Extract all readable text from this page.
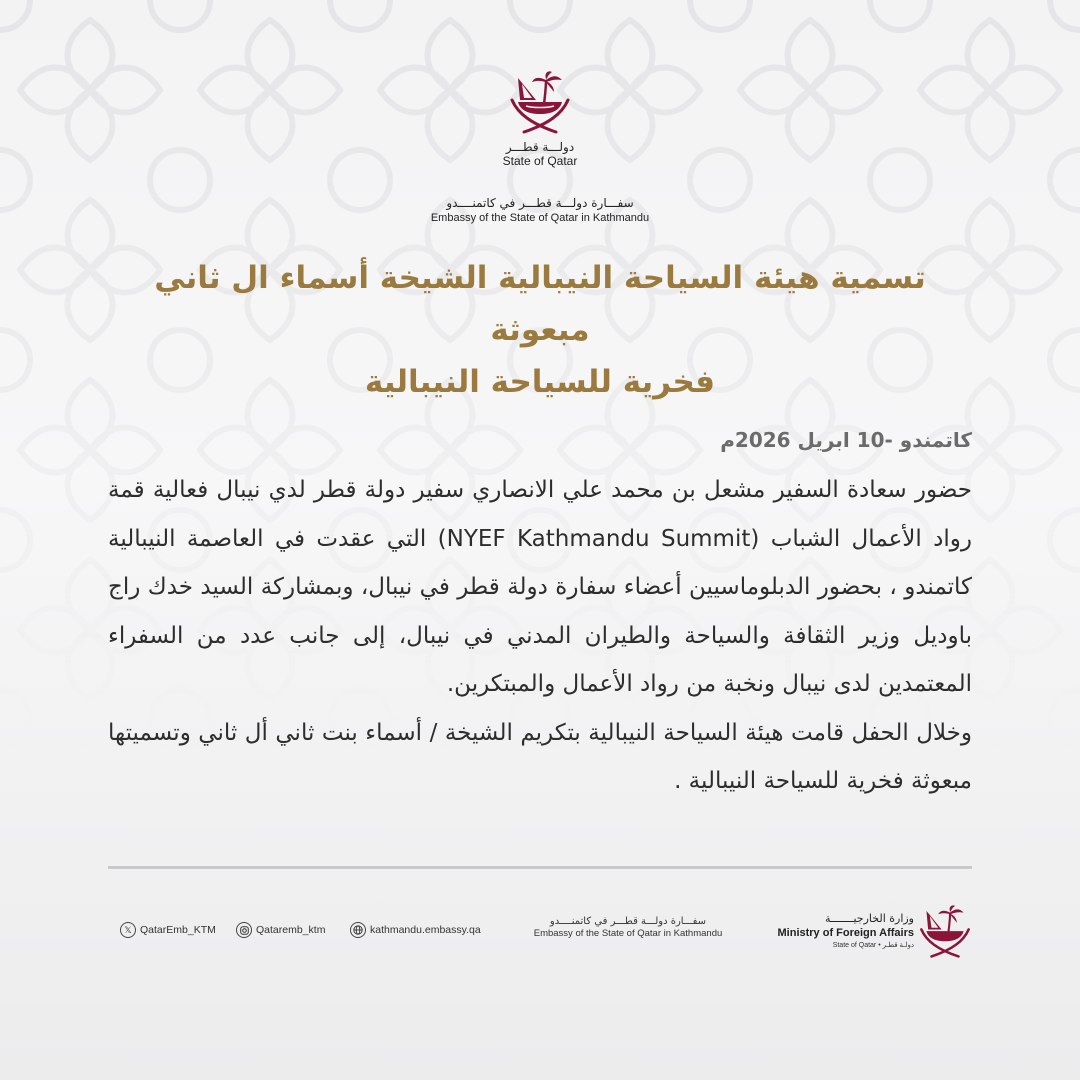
دولـــة قطـــر
State of Qatar
سفـــارة دولـــة قطـــر في كاتمنــــدو
Embassy of the State of Qatar in Kathmandu
تسمية هيئة السياحة النيبالية الشيخة أسماء ال ثاني مبعوثة
فخرية للسياحة النيبالية
كاتمندو -10 ابريل 2026م

حضور سعادة السفير مشعل بن محمد علي الانصاري سفير دولة قطر لدي نيبال فعالية قمة رواد الأعمال الشباب (NYEF Kathmandu Summit) التي عقدت في العاصمة النيبالية كاتمندو ، بحضور الدبلوماسيين أعضاء سفارة دولة قطر في نيبال، وبمشاركة السيد خدك راج باوديل وزير الثقافة والسياحة والطيران المدني في نيبال، إلى جانب عدد من السفراء المعتمدين لدى نيبال ونخبة من رواد الأعمال والمبتكرين.

وخلال الحفل قامت هيئة السياحة النيبالية بتكريم الشيخة / أسماء بنت ثاني أل ثاني وتسميتها مبعوثة فخرية للسياحة النيبالية .

𝕏 QatarEmb_KTM	Qataremb_ktm	kathmandu.embassy.qa
سفـــارة دولـــة قطـــر في كاتمنــــدو
Embassy of the State of Qatar in Kathmandu
وزارة الخارجيـــــــة
Ministry of Foreign Affairs
State of Qatar • دولـة قطـر
